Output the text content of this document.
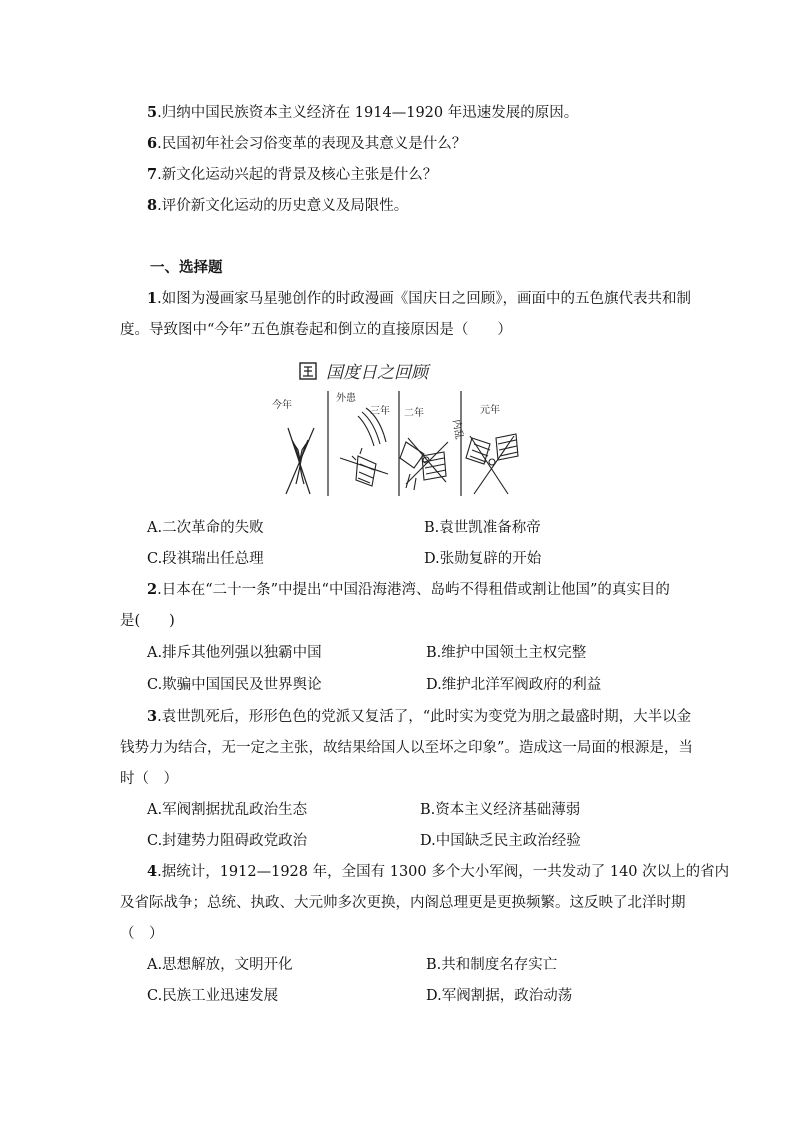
5.归纳中国民族资本主义经济在 1914—1920 年迅速发展的原因。
6.民国初年社会习俗变革的表现及其意义是什么？
7.新文化运动兴起的背景及核心主张是什么？
8.评价新文化运动的历史意义及局限性。
一、选择题
1.如图为漫画家马星驰创作的时政漫画《国庆日之回顾》，画面中的五色旗代表共和制
度。导致图中“今年”五色旗卷起和倒立的直接原因是（　　）
国度日之回顾
今年
外患
三年 二年
内乱
元年
A.二次革命的失败	B.袁世凯准备称帝
C.段祺瑞出任总理	D.张勋复辟的开始
2.日本在“二十一条”中提出“中国沿海港湾、岛屿不得租借或割让他国”的真实目的
是(　　)
A.排斥其他列强以独霸中国	B.维护中国领土主权完整
C.欺骗中国国民及世界舆论	D.维护北洋军阀政府的利益
3.袁世凯死后，形形色色的党派又复活了，“此时实为变党为朋之最盛时期，大半以金
钱势力为结合，无一定之主张，故结果给国人以至坏之印象”。造成这一局面的根源是，当
时（　）
A.军阀割据扰乱政治生态	B.资本主义经济基础薄弱
C.封建势力阻碍政党政治	D.中国缺乏民主政治经验
4.据统计，1912—1928 年，全国有 1300 多个大小军阀，一共发动了 140 次以上的省内
及省际战争；总统、执政、大元帅多次更换，内阁总理更是更换频繁。这反映了北洋时期
（　）
A.思想解放，文明开化	B.共和制度名存实亡
C.民族工业迅速发展	D.军阀割据，政治动荡
